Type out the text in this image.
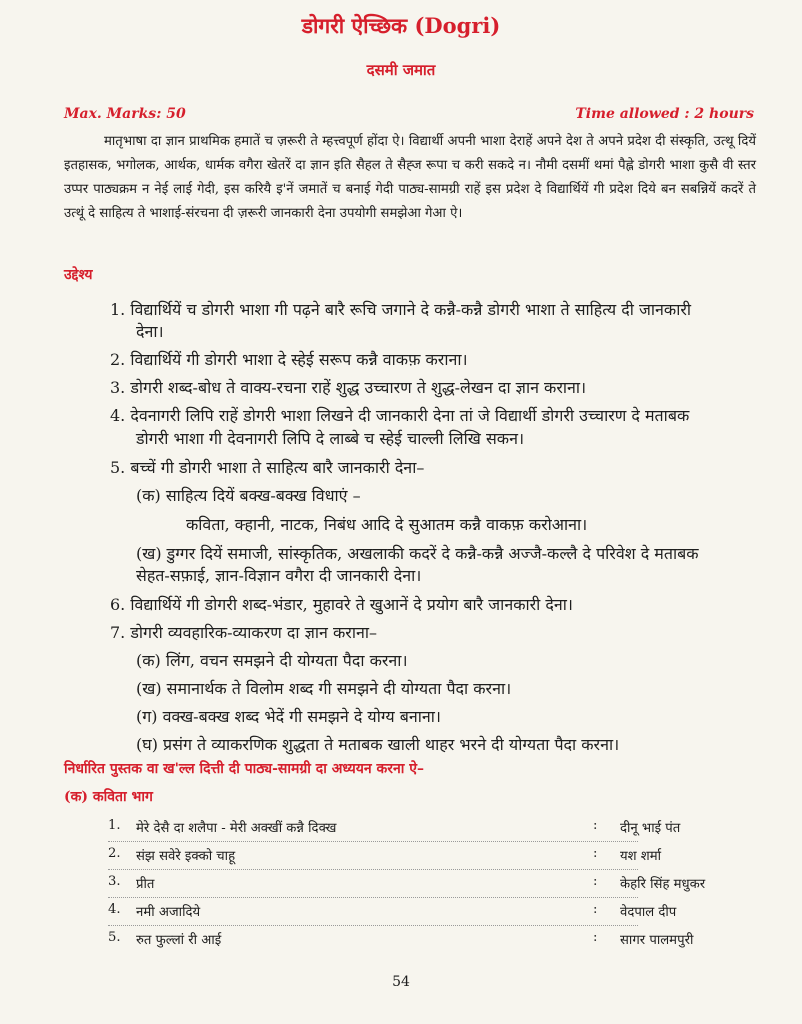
डोगरी ऐच्छिक (Dogri)
दसमी जमात
Max. Marks: 50	Time allowed : 2 hours

मातृभाषा दा ज्ञान प्राथमिक हमातें च ज़रूरी ते म्हत्त्वपूर्ण होंदा ऐ। विद्यार्थी अपनी भाशा देराहें अपने देश ते अपने प्रदेश दी संस्कृति, उत्थू दियें इतहासक, भगोलक, आर्थक, धार्मक वगैरा खेतरें दा ज्ञान इति सैहल ते सैह्ज रूपा च करी सकदे न। नौमी दसमीं थमां पैह्ले डोगरी भाशा कुसै वी स्तर उप्पर पाठ्यक्रम न नेई लाई गेदी, इस करियै इ'नें जमातें च बनाई गेदी पाठ्य-सामग्री राहें इस प्रदेश दे विद्यार्थियें गी प्रदेश दिये बन सबन्नियें कदरें ते उत्थूं दे साहित्य ते भाशाई-संरचना दी ज़रूरी जानकारी देना उपयोगी समझेआ गेआ ऐ।

उद्देश्य
1. विद्यार्थियें च डोगरी भाशा गी पढ़ने बारै रूचि जगाने दे कन्नै-कन्नै डोगरी भाशा ते साहित्य दी जानकारी
देना।
2. विद्यार्थियें गी डोगरी भाशा दे स्हेई सरूप कन्नै वाकफ़ कराना।
3. डोगरी शब्द-बोध ते वाक्य-रचना राहें शुद्ध उच्चारण ते शुद्ध-लेखन दा ज्ञान कराना।
4. देवनागरी लिपि राहें डोगरी भाशा लिखने दी जानकारी देना तां जे विद्यार्थी डोगरी उच्चारण दे मताबक
डोगरी भाशा गी देवनागरी लिपि दे लाब्बे च स्हेई चाल्ली लिखि सकन।
5. बच्चें गी डोगरी भाशा ते साहित्य बारै जानकारी देना–
(क) साहित्य दियें बक्ख-बक्ख विधाएं –
कविता, क्हानी, नाटक, निबंध आदि दे सुआतम कन्नै वाकफ़ करोआना।
(ख) डुग्गर दियें समाजी, सांस्कृतिक, अखलाकी कदरें दे कन्नै-कन्नै अज्जै-कल्लै दे परिवेश दे मताबक
सेहत-सफ़ाई, ज्ञान-विज्ञान वगैरा दी जानकारी देना।
6. विद्यार्थियें गी डोगरी शब्द-भंडार, मुहावरे ते खुआनें दे प्रयोग बारै जानकारी देना।
7. डोगरी व्यवहारिक-व्याकरण दा ज्ञान कराना–
(क) लिंग, वचन समझने दी योग्यता पैदा करना।
(ख) समानार्थक ते विलोम शब्द गी समझने दी योग्यता पैदा करना।
(ग) वक्ख-बक्ख शब्द भेदें गी समझने दे योग्य बनाना।
(घ) प्रसंग ते व्याकरणिक शुद्धता ते मताबक खाली थाहर भरने दी योग्यता पैदा करना।
निर्धारित पुस्तक वा ख'ल्ल दित्ती दी पाठ्य-सामग्री दा अध्ययन करना ऐ–
(क) कविता भाग
1.	मेरे देसै दा शलैपा - मेरी अक्खीं कन्नै दिक्ख	: दीनू भाई पंत
2.	संझ सवेरे इक्को चाहू	: यश शर्मा
3.	प्रीत	: केहरि सिंह मधुकर
4.	नमी अजादिये	: वेदपाल दीप
5.	रुत फुल्लां री आई	: सागर पालमपुरी
54
